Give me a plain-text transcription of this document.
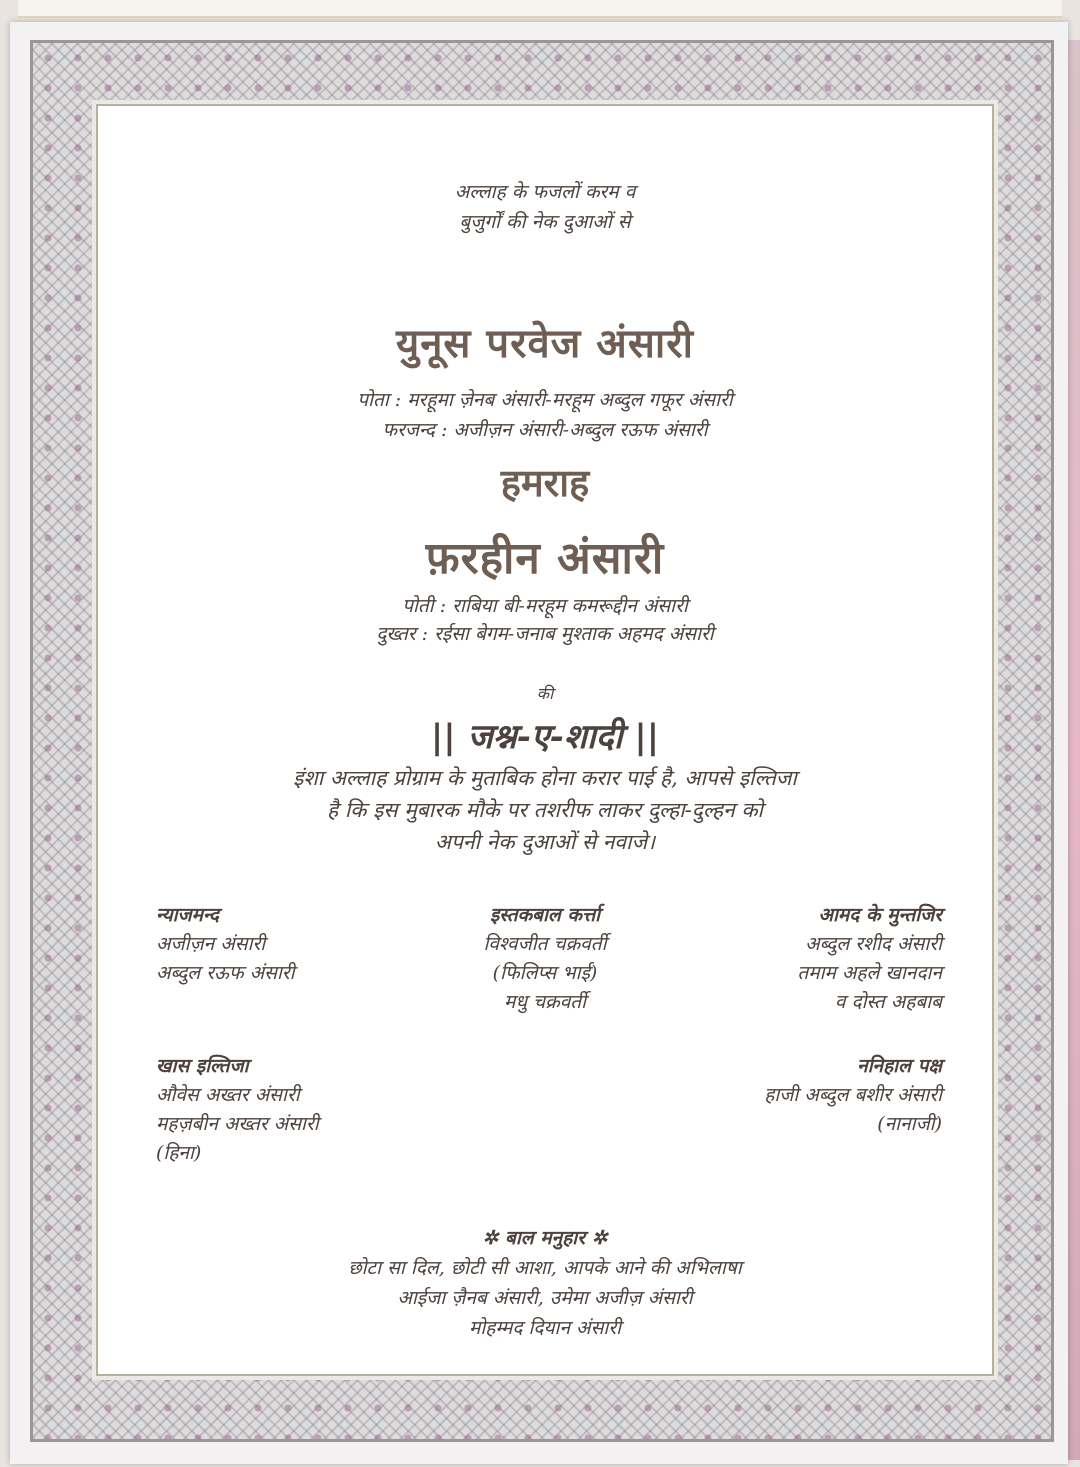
अल्लाह के फजलों करम व

बुजुर्गों की नेक दुआओं से

युनूस परवेज अंसारी

पोता : मरहूमा ज़ेनब अंसारी-मरहूम अब्दुल गफूर अंसारी

फरजन्द : अजीज़न अंसारी-अब्दुल रऊफ अंसारी

हमराह

फ़रहीन अंसारी

पोती : राबिया बी-मरहूम कमरूद्दीन अंसारी

दुख्तर : रईसा बेगम-जनाब मुश्ताक अहमद अंसारी

की

|| जश्न-ए-शादी ||

इंशा अल्लाह प्रोग्राम के मुताबिक होना करार पाई है, आपसे इल्तिजा

है कि इस मुबारक मौके पर तशरीफ लाकर दुल्हा-दुल्हन को

अपनी नेक दुआओं से नवाजे।

न्याजमन्द
अजीज़न अंसारी
अब्दुल रऊफ अंसारी
इस्तकबाल कर्त्ता
विश्वजीत चक्रवर्ती
(फिलिप्स भाई)
मधु चक्रवर्ती
आमद के मुन्तजिर
अब्दुल रशीद अंसारी
तमाम अहले खानदान
व दोस्त अहबाब
खास इल्तिजा
औवेस अख्तर अंसारी
महज़बीन अख्तर अंसारी
(हिना)
ननिहाल पक्ष
हाजी अब्दुल बशीर अंसारी
(नानाजी)

✲ बाल मनुहार ✲

छोटा सा दिल, छोटी सी आशा, आपके आने की अभिलाषा

आईजा ज़ैनब अंसारी, उमेमा अजीज़ अंसारी

मोहम्मद दियान अंसारी
